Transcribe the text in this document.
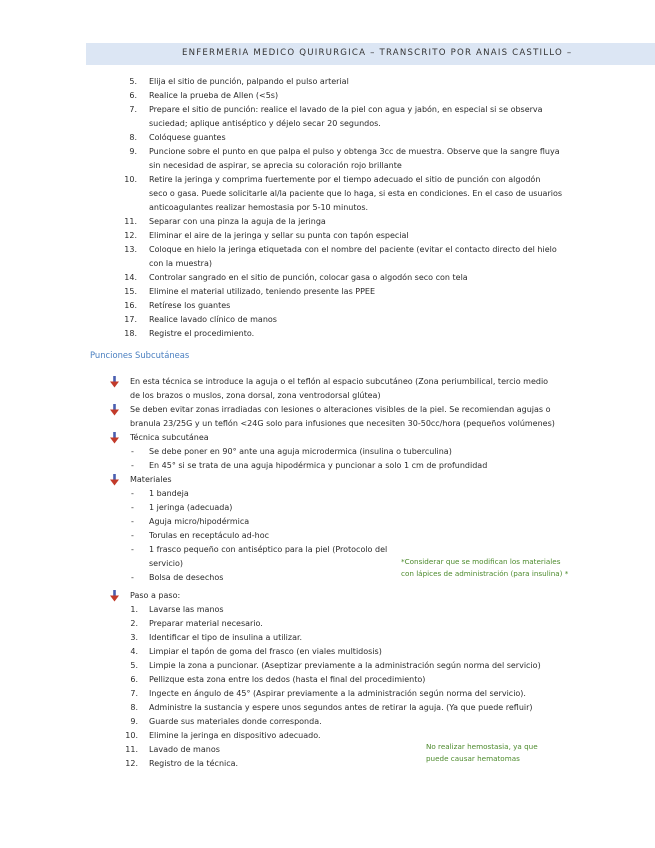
ENFERMERIA MEDICO QUIRURGICA – TRANSCRITO POR ANAIS CASTILLO –
5. Elija el sitio de punción, palpando el pulso arterial
6. Realice la prueba de Allen (<5s)
7. Prepare el sitio de punción: realice el lavado de la piel con agua y jabón, en especial si se observa
suciedad; aplique antiséptico y déjelo secar 20 segundos.
8. Colóquese guantes
9. Puncione sobre el punto en que palpa el pulso y obtenga 3cc de muestra. Observe que la sangre fluya
sin necesidad de aspirar, se aprecia su coloración rojo brillante
10. Retire la jeringa y comprima fuertemente por el tiempo adecuado el sitio de punción con algodón
seco o gasa. Puede solicitarle al/la paciente que lo haga, si esta en condiciones. En el caso de usuarios
anticoagulantes realizar hemostasia por 5-10 minutos.
11. Separar con una pinza la aguja de la jeringa
12. Eliminar el aire de la jeringa y sellar su punta con tapón especial
13. Coloque en hielo la jeringa etiquetada con el nombre del paciente (evitar el contacto directo del hielo
con la muestra)
14. Controlar sangrado en el sitio de punción, colocar gasa o algodón seco con tela
15. Elimine el material utilizado, teniendo presente las PPEE
16. Retírese los guantes
17. Realice lavado clínico de manos
18. Registre el procedimiento.
En esta técnica se introduce la aguja o el teflón al espacio subcutáneo (Zona periumbilical, tercio medio
de los brazos o muslos, zona dorsal, zona ventrodorsal glútea)
Se deben evitar zonas irradiadas con lesiones o alteraciones visibles de la piel. Se recomiendan agujas o
branula 23/25G y un teflón <24G solo para infusiones que necesiten 30-50cc/hora (pequeños volúmenes)
Técnica subcutánea
- Se debe poner en 90° ante una aguja microdermica (insulina o tuberculina)
- En 45° si se trata de una aguja hipodérmica y puncionar a solo 1 cm de profundidad
Materiales
- 1 bandeja
- 1 jeringa (adecuada)
- Aguja micro/hipodérmica
- Torulas en receptáculo ad-hoc
- 1 frasco pequeño con antiséptico para la piel (Protocolo del
servicio)
- Bolsa de desechos
Paso a paso:
1. Lavarse las manos
2. Preparar material necesario.
3. Identificar el tipo de insulina a utilizar.
4. Limpiar el tapón de goma del frasco (en viales multidosis)
5. Limpie la zona a puncionar. (Aseptizar previamente a la administración según norma del servicio)
6. Pellizque esta zona entre los dedos (hasta el final del procedimiento)
7. Ingecte en ángulo de 45° (Aspirar previamente a la administración según norma del servicio).
8. Administre la sustancia y espere unos segundos antes de retirar la aguja. (Ya que puede refluir)
9. Guarde sus materiales donde corresponda.
10. Elimine la jeringa en dispositivo adecuado.
11. Lavado de manos
12. Registro de la técnica.
Punciones Subcutáneas
*Considerar que se modifican los materiales
con lápices de administración (para insulina) *
No realizar hemostasia, ya que
puede causar hematomas
